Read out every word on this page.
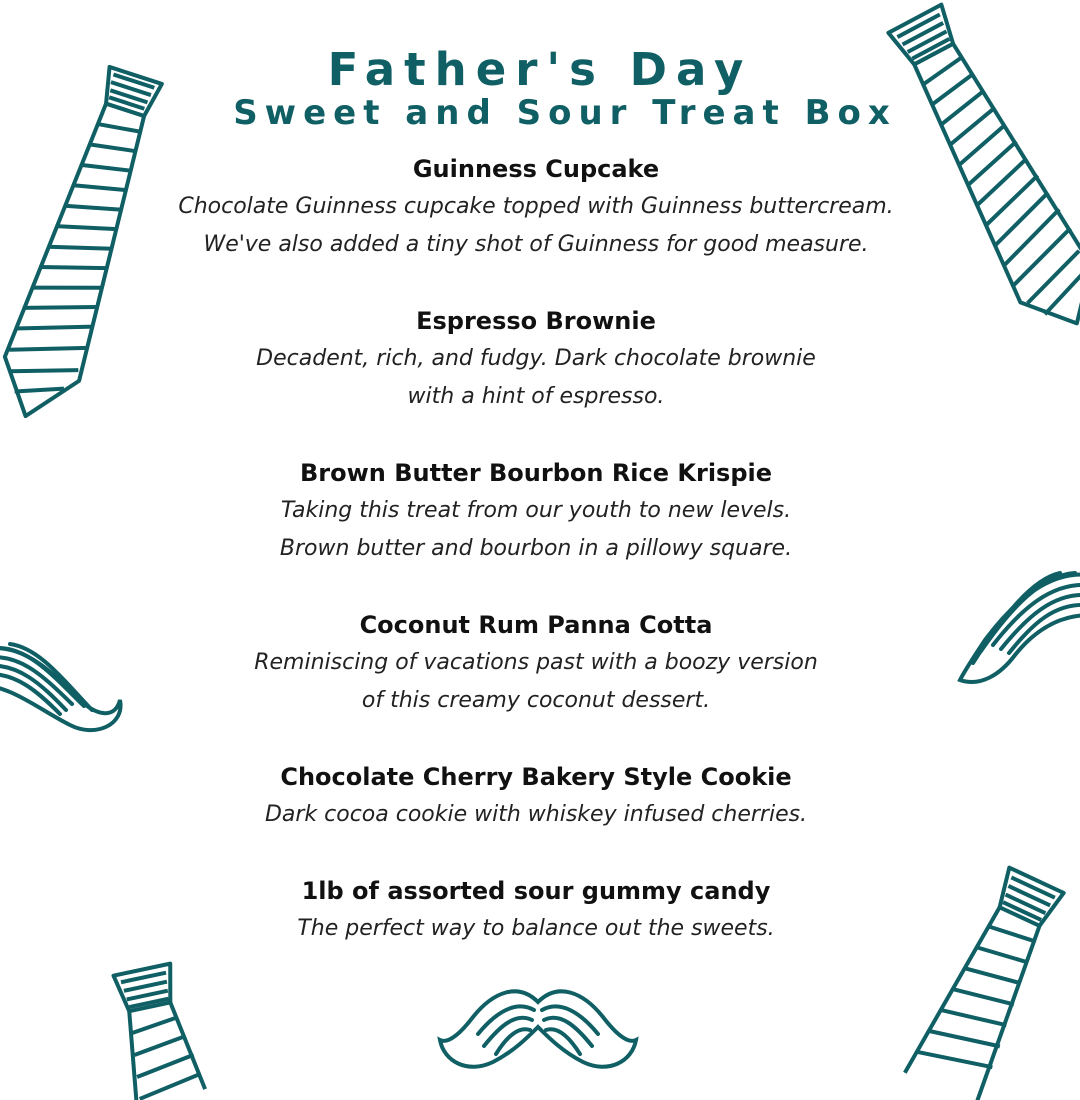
Father's Day
Sweet and Sour Treat Box

Guinness Cupcake

Chocolate Guinness cupcake topped with Guinness buttercream.

We've also added a tiny shot of Guinness for good measure.

Espresso Brownie

Decadent, rich, and fudgy. Dark chocolate brownie

with a hint of espresso.

Brown Butter Bourbon Rice Krispie

Taking this treat from our youth to new levels.

Brown butter and bourbon in a pillowy square.

Coconut Rum Panna Cotta

Reminiscing of vacations past with a boozy version

of this creamy coconut dessert.

Chocolate Cherry Bakery Style Cookie

Dark cocoa cookie with whiskey infused cherries.

1lb of assorted sour gummy candy

The perfect way to balance out the sweets.
